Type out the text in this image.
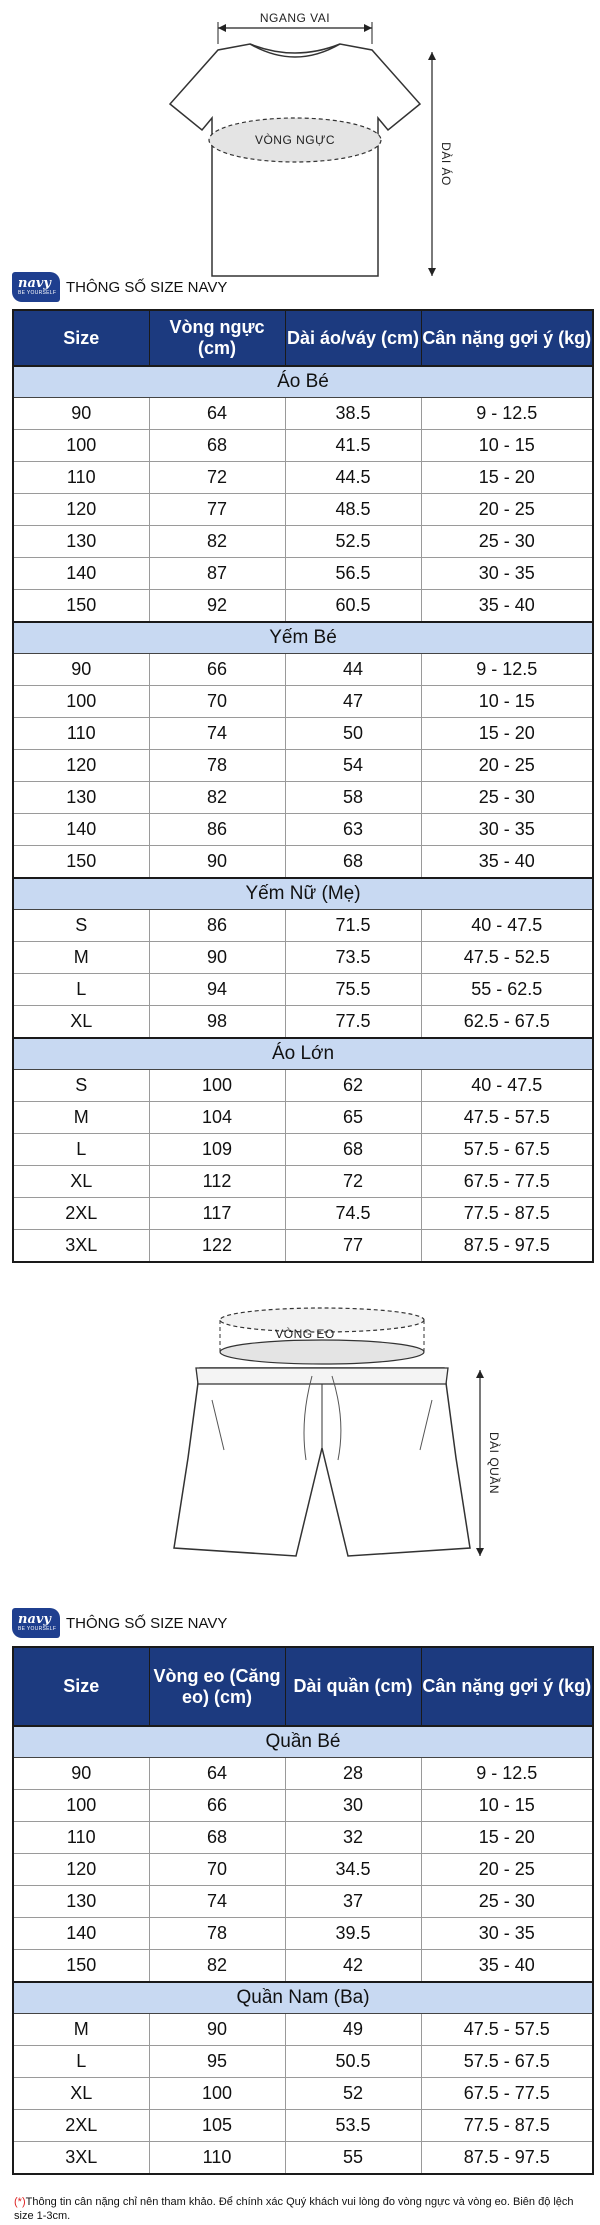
NGANG VAI
VÒNG NGỰC
DÀI ÁO
navy
BE YOURSELF THÔNG SỐ SIZE NAVY
Size	Vòng ngực (cm)	Dài áo/váy (cm)	Cân nặng gợi ý (kg)
Áo Bé			
90	64	38.5	9 - 12.5
100	68	41.5	10 - 15
110	72	44.5	15 - 20
120	77	48.5	20 - 25
130	82	52.5	25 - 30
140	87	56.5	30 - 35
150	92	60.5	35 - 40
Yếm Bé			
90	66	44	9 - 12.5
100	70	47	10 - 15
110	74	50	15 - 20
120	78	54	20 - 25
130	82	58	25 - 30
140	86	63	30 - 35
150	90	68	35 - 40
Yếm Nữ (Mẹ)			
S	86	71.5	40 - 47.5
M	90	73.5	47.5 - 52.5
L	94	75.5	55 - 62.5
XL	98	77.5	62.5 - 67.5
Áo Lớn			
S	100	62	40 - 47.5
M	104	65	47.5 - 57.5
L	109	68	57.5 - 67.5
XL	112	72	67.5 - 77.5
2XL	117	74.5	77.5 - 87.5
3XL	122	77	87.5 - 97.5
VÒNG EO
DÀI QUẦN
navy
BE YOURSELF THÔNG SỐ SIZE NAVY
Size	Vòng eo (Căng eo) (cm)	Dài quần (cm)	Cân nặng gợi ý (kg)
Quần Bé			
90	64	28	9 - 12.5
100	66	30	10 - 15
110	68	32	15 - 20
120	70	34.5	20 - 25
130	74	37	25 - 30
140	78	39.5	30 - 35
150	82	42	35 - 40
Quần Nam (Ba)			
M	90	49	47.5 - 57.5
L	95	50.5	57.5 - 67.5
XL	100	52	67.5 - 77.5
2XL	105	53.5	77.5 - 87.5
3XL	110	55	87.5 - 97.5
(*)Thông tin cân nặng chỉ nên tham khảo. Để chính xác Quý khách vui lòng đo vòng ngực và vòng eo. Biên độ lệch size 1-3cm.
